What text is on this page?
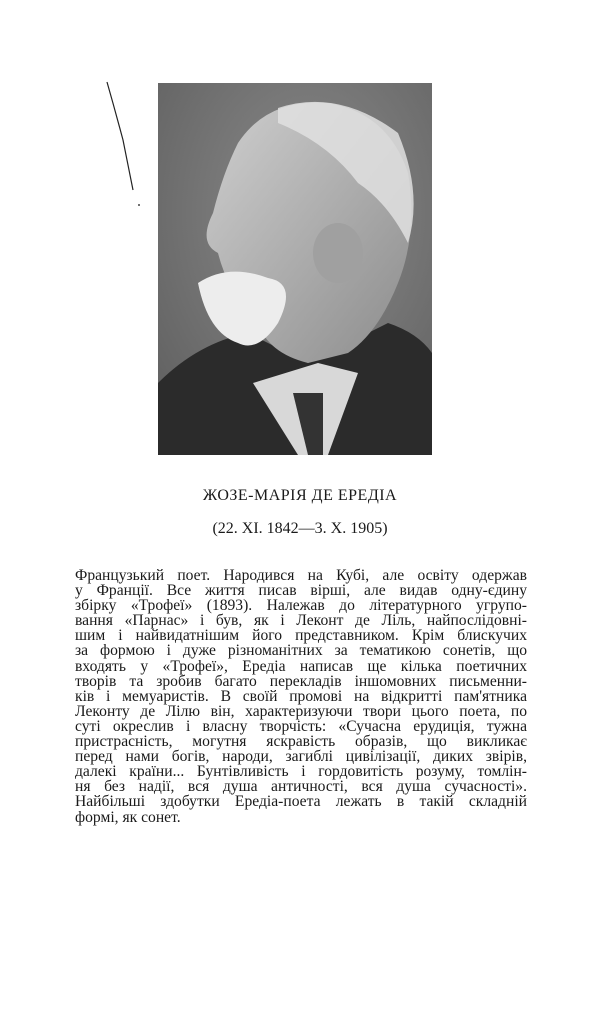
ЖОЗЕ-МАРІЯ ДЕ ЕРЕДІА
(22. XI. 1842—3. X. 1905)
Французький поет. Народився на Кубі, але освіту одержав
у Франції. Все життя писав вірші, але видав одну-єдину
збірку «Трофеї» (1893). Належав до літературного угрупо-
вання «Парнас» і був, як і Леконт де Ліль, найпослідовні-
шим і найвидатнішим його представником. Крім блискучих
за формою і дуже різноманітних за тематикою сонетів, що
входять у «Трофеї», Ередіа написав ще кілька поетичних
творів та зробив багато перекладів іншомовних письменни-
ків і мемуаристів. В своїй промові на відкритті пам'ятника
Леконту де Лілю він, характеризуючи твори цього поета, по
суті окреслив і власну творчість: «Сучасна ерудиція, тужна
пристрасність, могутня яскравість образів, що викликає
перед нами богів, народи, загиблі цивілізації, диких звірів,
далекі країни... Бунтівливість і гордовитість розуму, томлін-
ня без надії, вся душа античності, вся душа сучасності».
Найбільші здобутки Ередіа-поета лежать в такій складній
формі, як сонет.
